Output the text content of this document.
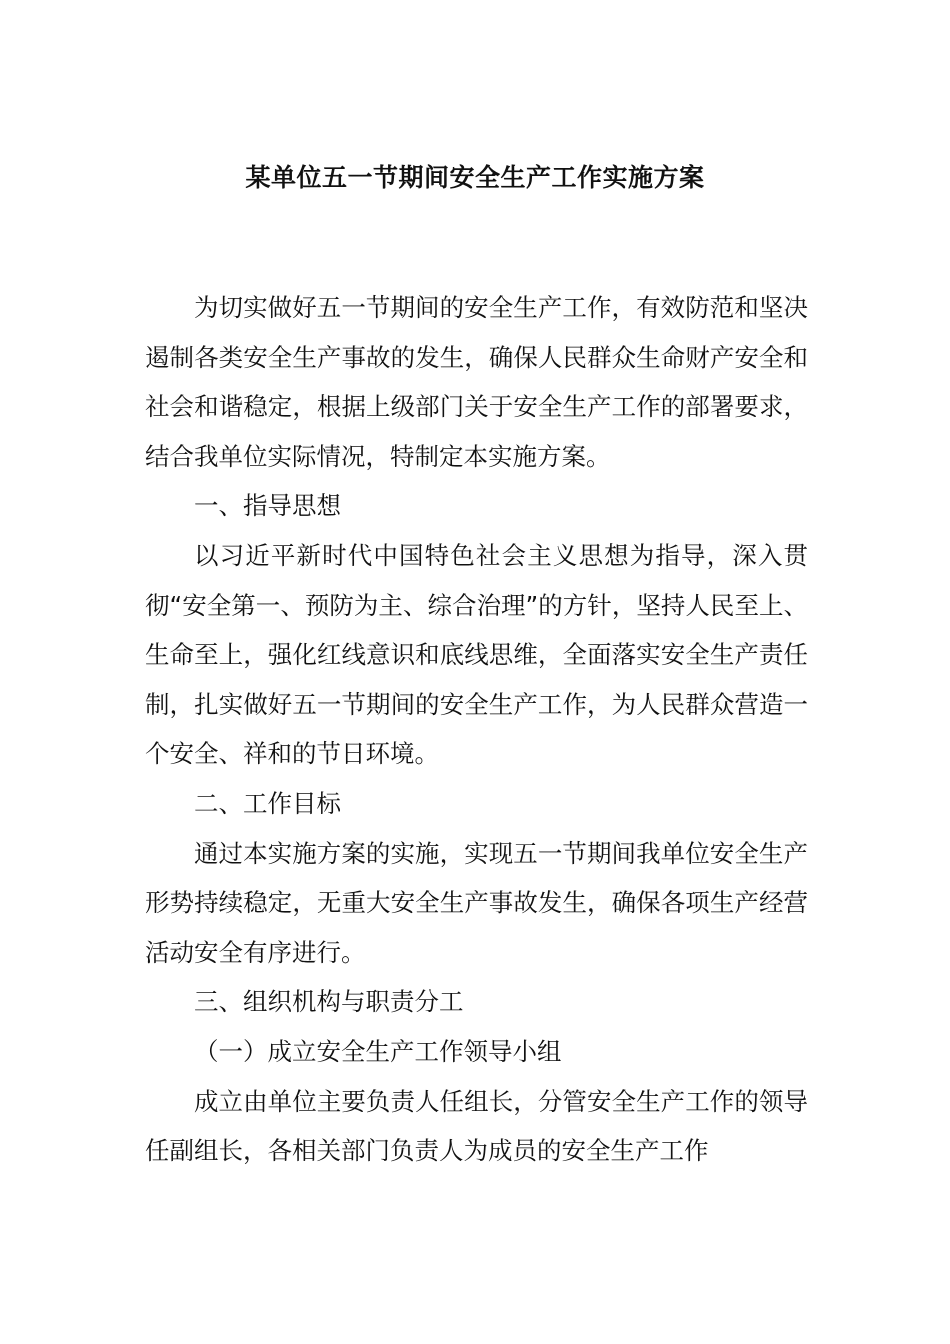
某单位五一节期间安全生产工作实施方案

为切实做好五一节期间的安全生产工作，有效防范和坚决遏制各类安全生产事故的发生，确保人民群众生命财产安全和社会和谐稳定，根据上级部门关于安全生产工作的部署要求，结合我单位实际情况，特制定本实施方案。

一、指导思想

以习近平新时代中国特色社会主义思想为指导，深入贯彻“安全第一、预防为主、综合治理”的方针，坚持人民至上、生命至上，强化红线意识和底线思维，全面落实安全生产责任制，扎实做好五一节期间的安全生产工作，为人民群众营造一个安全、祥和的节日环境。

二、工作目标

通过本实施方案的实施，实现五一节期间我单位安全生产形势持续稳定，无重大安全生产事故发生，确保各项生产经营活动安全有序进行。

三、组织机构与职责分工

（一）成立安全生产工作领导小组

成立由单位主要负责人任组长，分管安全生产工作的领导任副组长，各相关部门负责人为成员的安全生产工作
